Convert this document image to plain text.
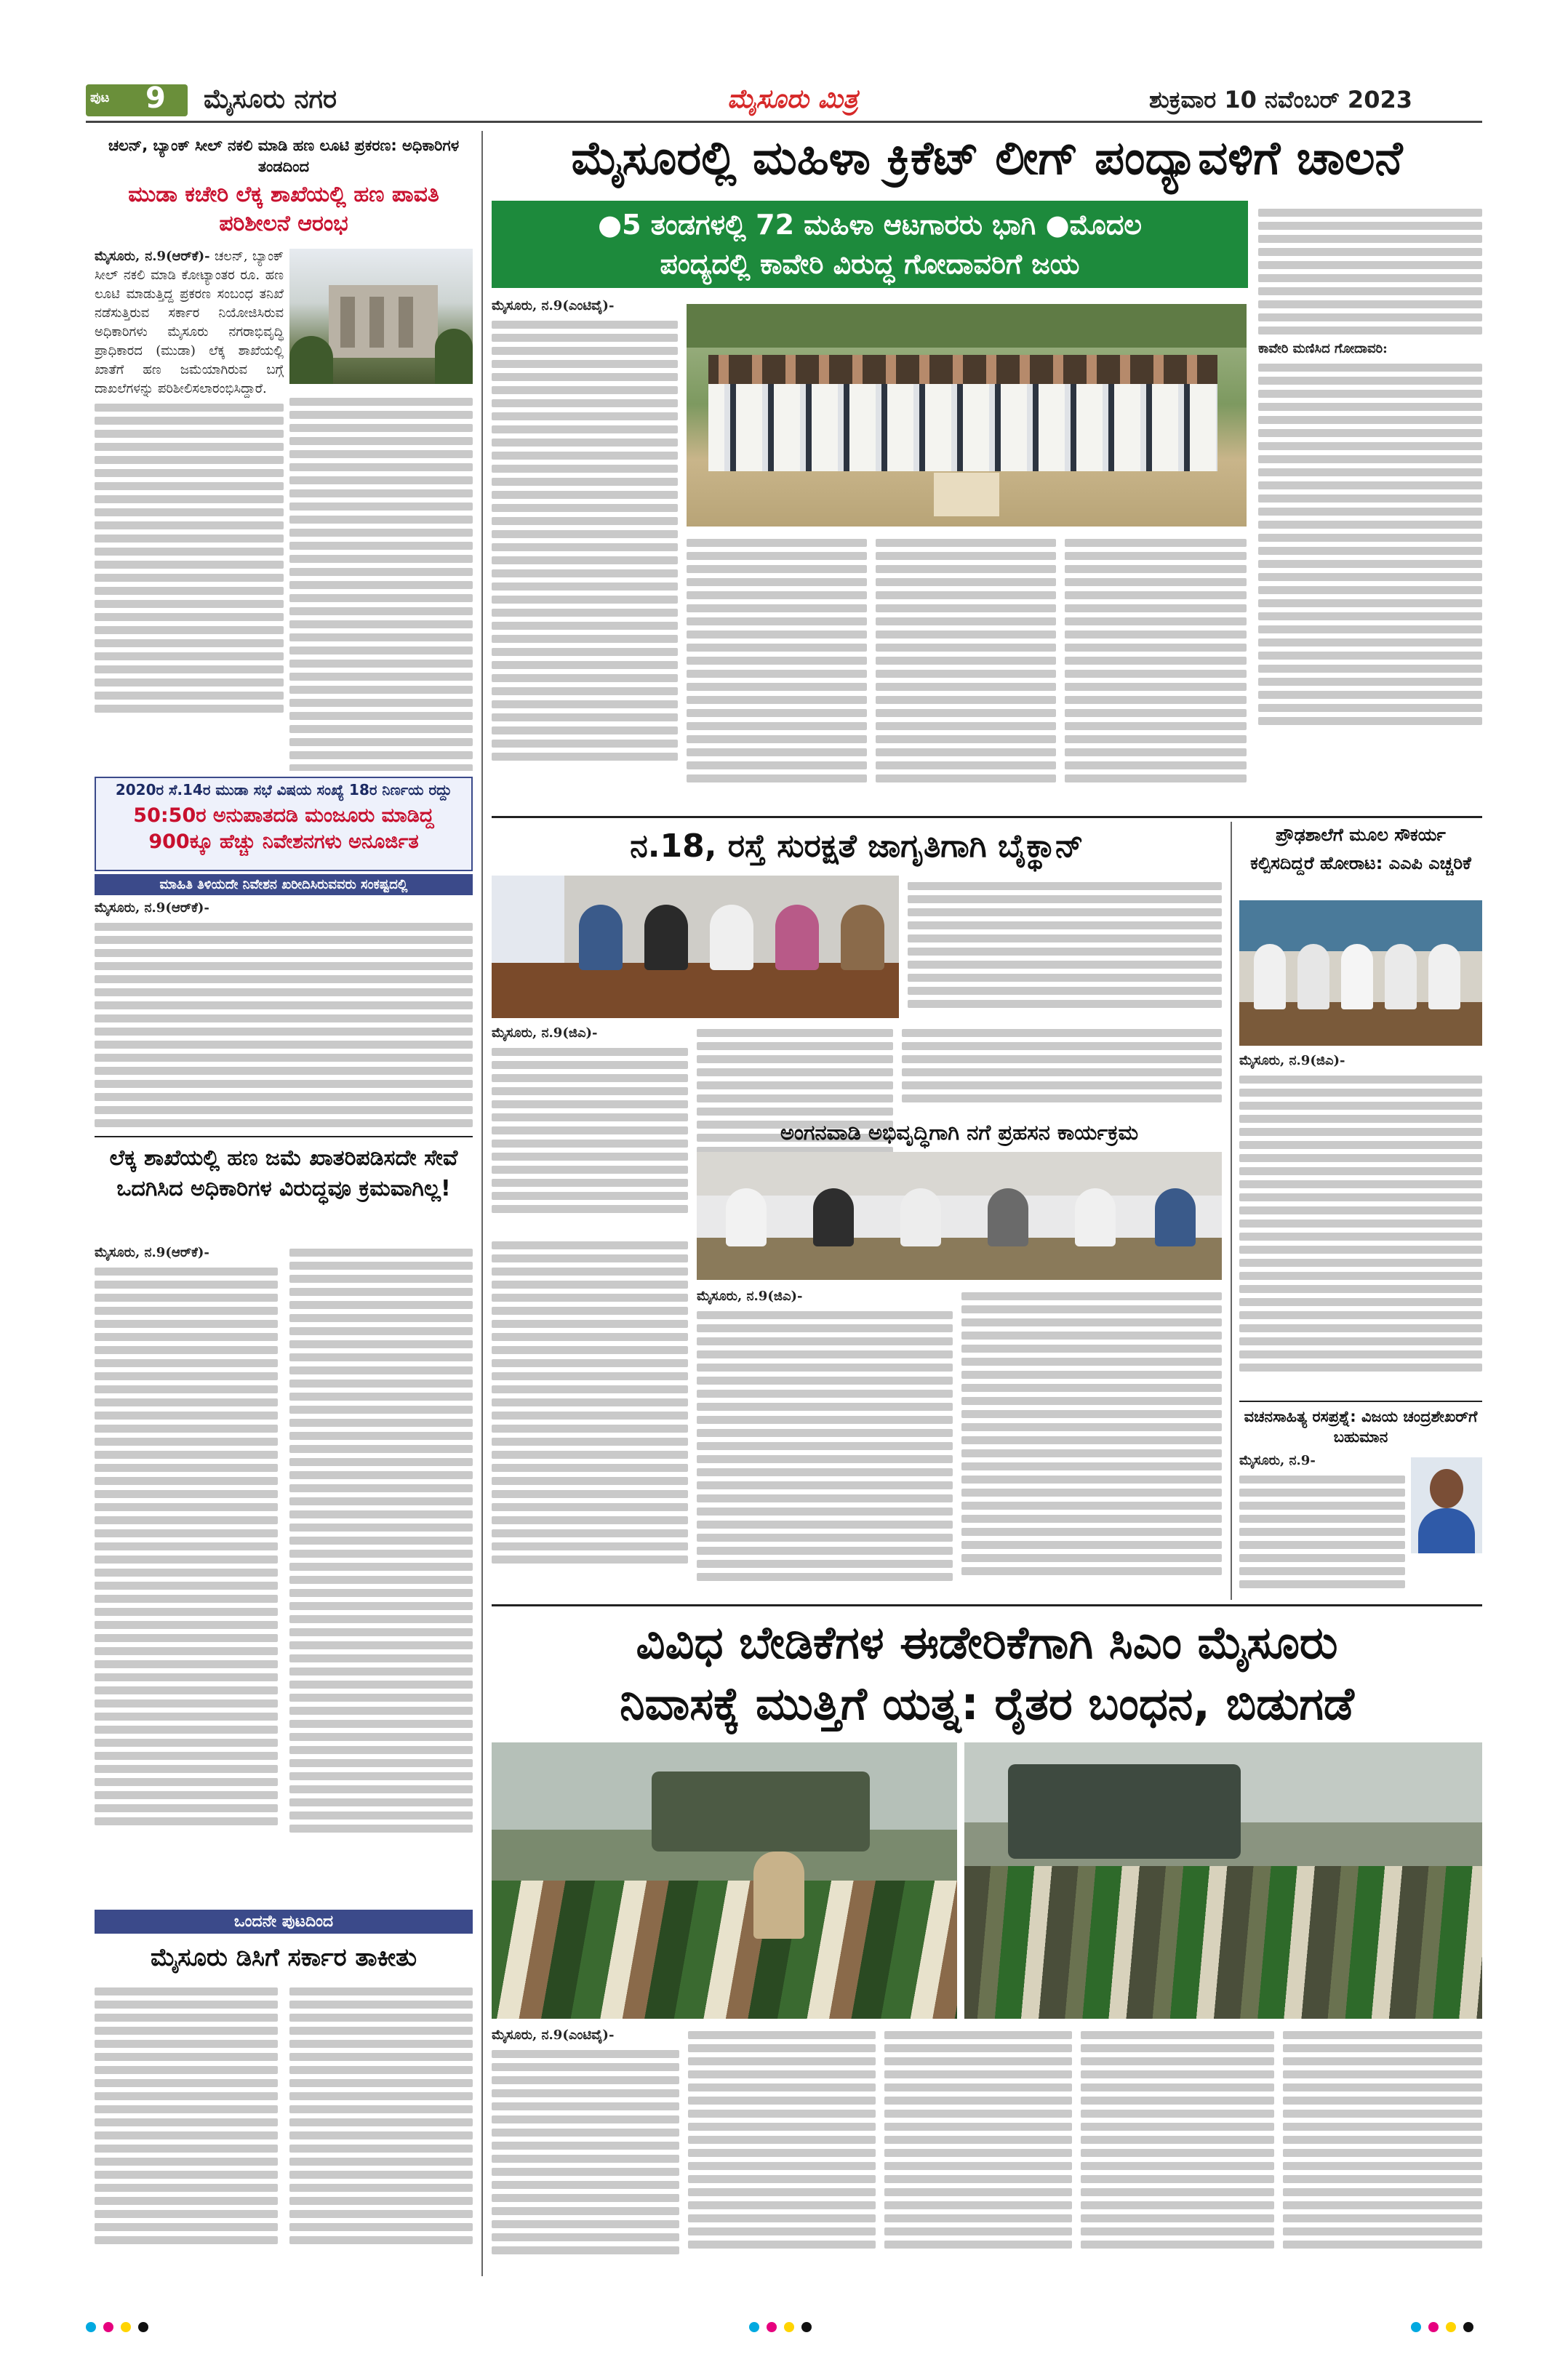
ಪುಟ 9 ಮೈಸೂರು ನಗರ	ಮೈಸೂರು ಮಿತ್ರ	ಶುಕ್ರವಾರ 10 ನವೆಂಬರ್ 2023
ಚಲನ್, ಬ್ಯಾಂಕ್ ಸೀಲ್ ನಕಲಿ ಮಾಡಿ ಹಣ ಲೂಟಿ ಪ್ರಕರಣ: ಅಧಿಕಾರಿಗಳ ತಂಡದಿಂದ
ಮುಡಾ ಕಚೇರಿ ಲೆಕ್ಕ ಶಾಖೆಯಲ್ಲಿ ಹಣ ಪಾವತಿ ಪರಿಶೀಲನೆ ಆರಂಭ
ಮೈಸೂರು, ನ.9(ಆರ್‌ಕೆ)- ಚಲನ್, ಬ್ಯಾಂಕ್ ಸೀಲ್ ನಕಲಿ ಮಾಡಿ ಕೋಟ್ಯಾಂತರ ರೂ. ಹಣ ಲೂಟಿ ಮಾಡುತ್ತಿದ್ದ ಪ್ರಕರಣ ಸಂಬಂಧ ತನಿಖೆ ನಡೆಸುತ್ತಿರುವ ಸರ್ಕಾರ ನಿಯೋಜಿಸಿರುವ ಅಧಿಕಾರಿಗಳು ಮೈಸೂರು ನಗರಾಭಿವೃದ್ಧಿ ಪ್ರಾಧಿಕಾರದ (ಮುಡಾ) ಲೆಕ್ಕ ಶಾಖೆಯಲ್ಲಿ ಖಾತೆಗೆ ಹಣ ಜಮೆಯಾಗಿರುವ ಬಗ್ಗೆ ದಾಖಲೆಗಳನ್ನು ಪರಿಶೀಲಿಸಲಾರಂಭಿಸಿದ್ದಾರೆ.
2020ರ ಸೆ.14ರ ಮುಡಾ ಸಭೆ ವಿಷಯ ಸಂಖ್ಯೆ 18ರ ನಿರ್ಣಯ ರದ್ದು
50:50ರ ಅನುಪಾತದಡಿ ಮಂಜೂರು ಮಾಡಿದ್ದ 900ಕ್ಕೂ ಹೆಚ್ಚು ನಿವೇಶನಗಳು ಅನೂರ್ಜಿತ
ಮಾಹಿತಿ ತಿಳಿಯದೇ ನಿವೇಶನ ಖರೀದಿಸಿರುವವರು ಸಂಕಷ್ಟದಲ್ಲಿ
ಮೈಸೂರು, ನ.9(ಆರ್‌ಕೆ)-
ಲೆಕ್ಕ ಶಾಖೆಯಲ್ಲಿ ಹಣ ಜಮೆ ಖಾತರಿಪಡಿಸದೇ ಸೇವೆ ಒದಗಿಸಿದ ಅಧಿಕಾರಿಗಳ ವಿರುದ್ಧವೂ ಕ್ರಮವಾಗಿಲ್ಲ!
ಮೈಸೂರು, ನ.9(ಆರ್‌ಕೆ)-
ಒಂದನೇ ಪುಟದಿಂದ
ಮೈಸೂರು ಡಿಸಿಗೆ ಸರ್ಕಾರ ತಾಕೀತು
ಮೈಸೂರಲ್ಲಿ ಮಹಿಳಾ ಕ್ರಿಕೆಟ್ ಲೀಗ್ ಪಂದ್ಯಾವಳಿಗೆ ಚಾಲನೆ
●5 ತಂಡಗಳಲ್ಲಿ 72 ಮಹಿಳಾ ಆಟಗಾರರು ಭಾಗಿ ●ಮೊದಲ
ಪಂದ್ಯದಲ್ಲಿ ಕಾವೇರಿ ವಿರುದ್ಧ ಗೋದಾವರಿಗೆ ಜಯ
ಮೈಸೂರು, ನ.9(ಎಂಟಿವೈ)-
ಕಾವೇರಿ ಮಣಿಸಿದ ಗೋದಾವರಿ:
ನ.18, ರಸ್ತೆ ಸುರಕ್ಷತೆ ಜಾಗೃತಿಗಾಗಿ ಬೈಕ್ಥಾನ್
ಮೈಸೂರು, ನ.9(ಜಿಎ)-
ಅಂಗನವಾಡಿ ಅಭಿವೃದ್ಧಿಗಾಗಿ ನಗೆ ಪ್ರಹಸನ ಕಾರ್ಯಕ್ರಮ
ಮೈಸೂರು, ನ.9(ಜಿಎ)-
ಪ್ರೌಢಶಾಲೆಗೆ ಮೂಲ ಸೌಕರ್ಯ
ಕಲ್ಪಿಸದಿದ್ದರೆ ಹೋರಾಟ: ಎಎಪಿ ಎಚ್ಚರಿಕೆ
ಮೈಸೂರು, ನ.9(ಜಿಎ)-
ವಚನಸಾಹಿತ್ಯ ರಸಪ್ರಶ್ನೆ: ವಿಜಯ ಚಂದ್ರಶೇಖರ್‌ಗೆ ಬಹುಮಾನ
ಮೈಸೂರು, ನ.9-
ವಿವಿಧ ಬೇಡಿಕೆಗಳ ಈಡೇರಿಕೆಗಾಗಿ ಸಿಎಂ ಮೈಸೂರು
ನಿವಾಸಕ್ಕೆ ಮುತ್ತಿಗೆ ಯತ್ನ: ರೈತರ ಬಂಧನ, ಬಿಡುಗಡೆ
ಮೈಸೂರು, ನ.9(ಎಂಟಿವೈ)-
